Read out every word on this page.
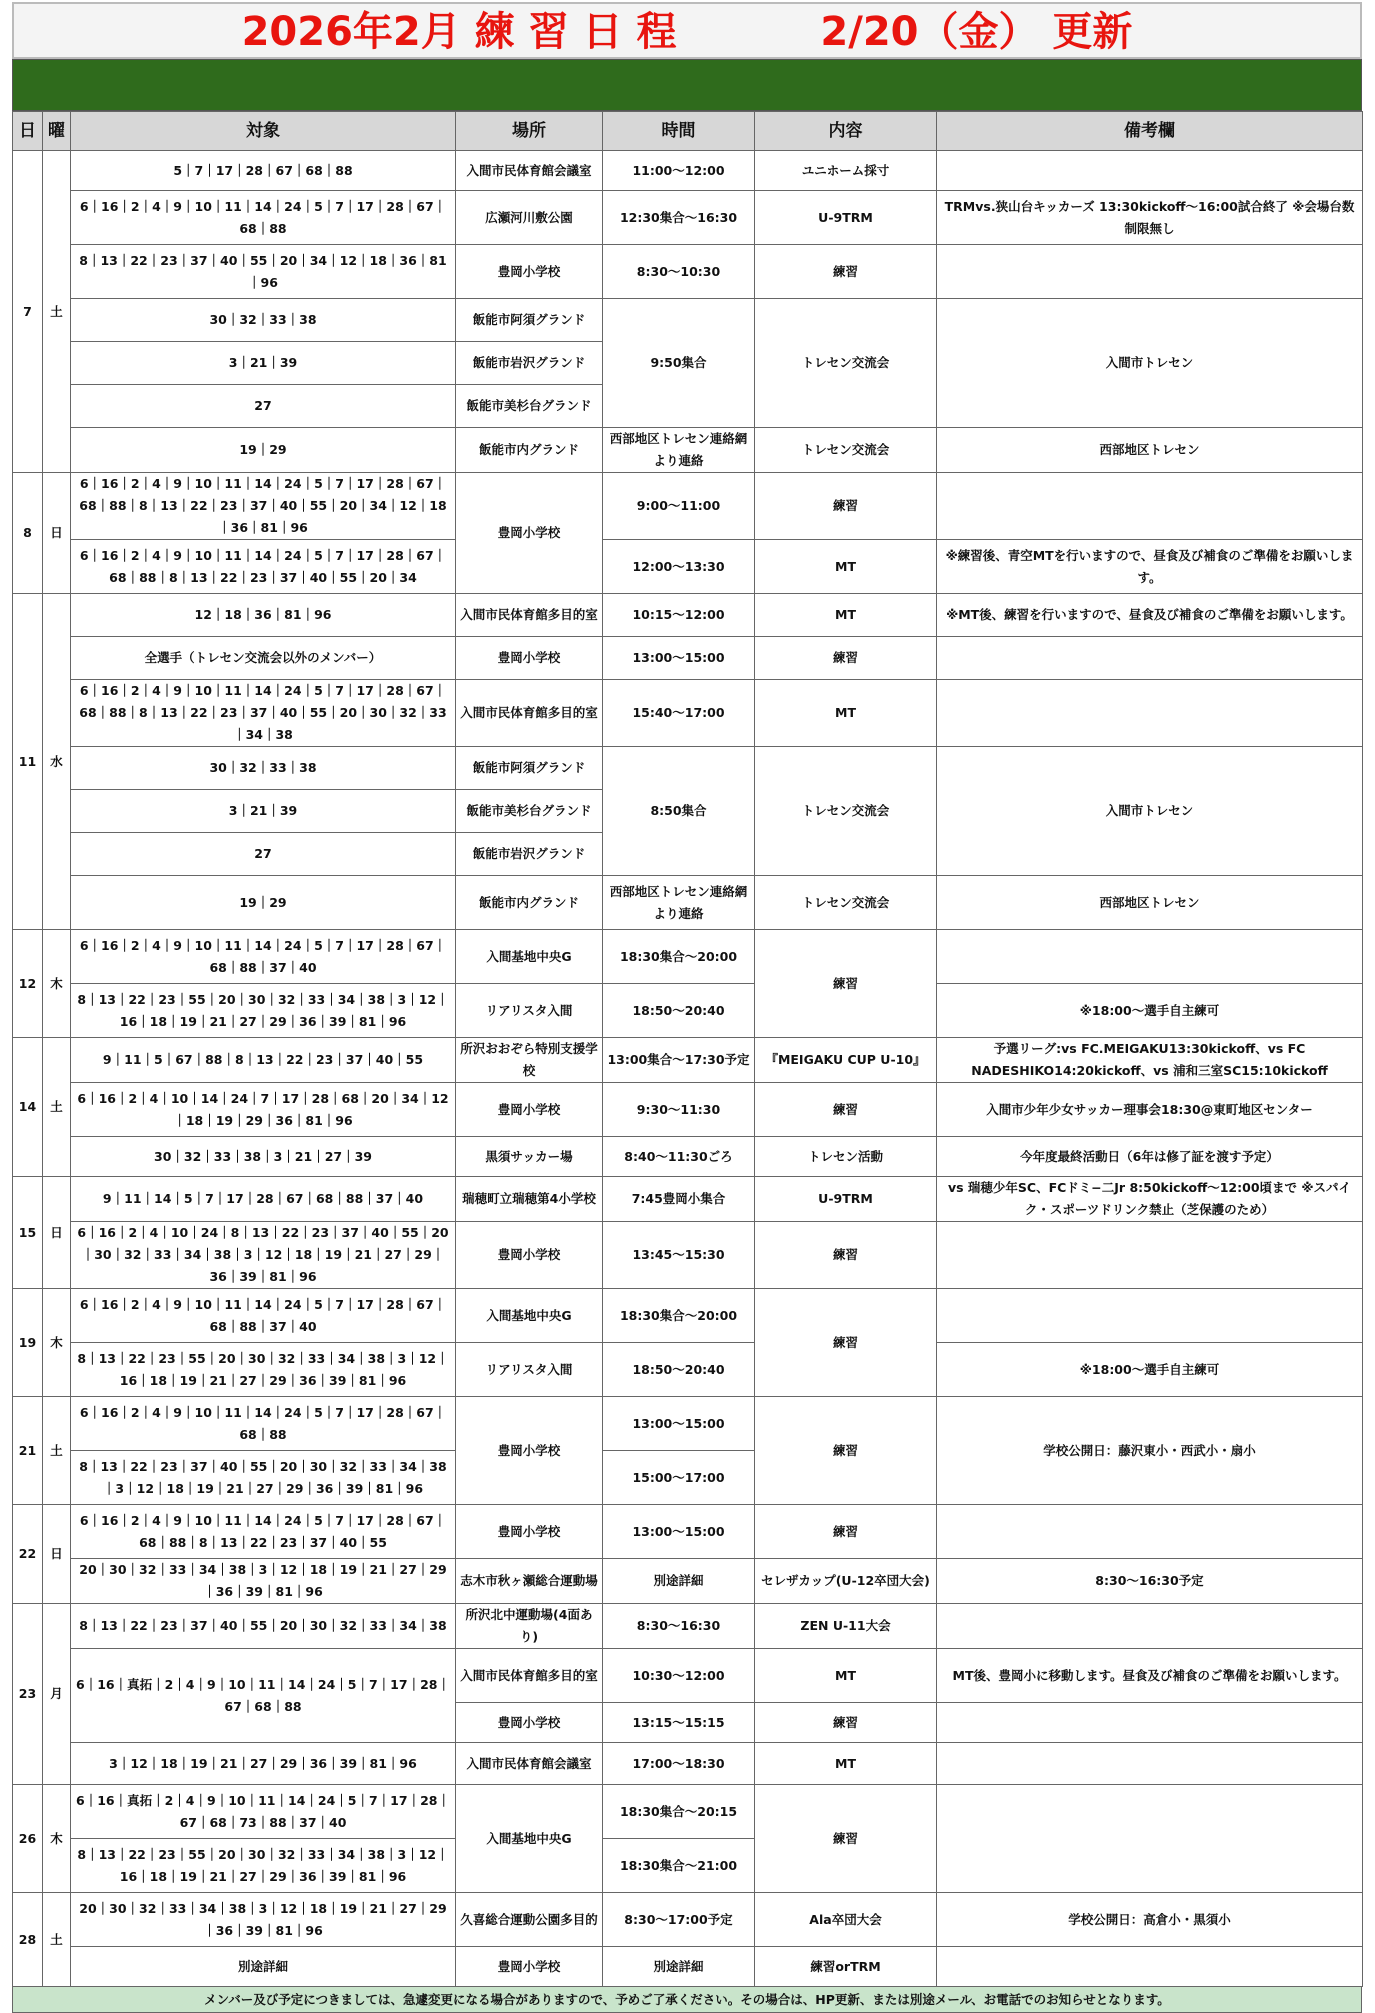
2026年2月 練 習 日 程	2/20（金） 更新
日	曜	対象	場所	時間	内容	備考欄
7	土	5｜7｜17｜28｜67｜68｜88	入間市民体育館会議室	11:00〜12:00	ユニホーム採寸	
		6｜16｜2｜4｜9｜10｜11｜14｜24｜5｜7｜17｜28｜67｜68｜88	広瀬河川敷公園	12:30集合〜16:30	U-9TRM	TRMvs.狭山台キッカーズ 13:30kickoff〜16:00試合終了 ※会場台数制限無し
		8｜13｜22｜23｜37｜40｜55｜20｜34｜12｜18｜36｜81｜96	豊岡小学校	8:30〜10:30	練習	
		30｜32｜33｜38	飯能市阿須グランド	9:50集合	トレセン交流会	入間市トレセン
		3｜21｜39	飯能市岩沢グランド			
		27	飯能市美杉台グランド			
		19｜29	飯能市内グランド	西部地区トレセン連絡網より連絡	トレセン交流会	西部地区トレセン
8	日	6｜16｜2｜4｜9｜10｜11｜14｜24｜5｜7｜17｜28｜67｜68｜88｜8｜13｜22｜23｜37｜40｜55｜20｜34｜12｜18｜36｜81｜96	豊岡小学校	9:00〜11:00	練習	
		6｜16｜2｜4｜9｜10｜11｜14｜24｜5｜7｜17｜28｜67｜68｜88｜8｜13｜22｜23｜37｜40｜55｜20｜34		12:00〜13:30	MT	※練習後、青空MTを行いますので、昼食及び補食のご準備をお願いします。
11	水	12｜18｜36｜81｜96	入間市民体育館多目的室	10:15〜12:00	MT	※MT後、練習を行いますので、昼食及び補食のご準備をお願いします。
		全選手（トレセン交流会以外のメンバー）	豊岡小学校	13:00〜15:00	練習	
		6｜16｜2｜4｜9｜10｜11｜14｜24｜5｜7｜17｜28｜67｜68｜88｜8｜13｜22｜23｜37｜40｜55｜20｜30｜32｜33｜34｜38	入間市民体育館多目的室	15:40〜17:00	MT	
		30｜32｜33｜38	飯能市阿須グランド	8:50集合	トレセン交流会	入間市トレセン
		3｜21｜39	飯能市美杉台グランド			
		27	飯能市岩沢グランド			
		19｜29	飯能市内グランド	西部地区トレセン連絡網より連絡	トレセン交流会	西部地区トレセン
12	木	6｜16｜2｜4｜9｜10｜11｜14｜24｜5｜7｜17｜28｜67｜68｜88｜37｜40	入間基地中央G	18:30集合〜20:00	練習	
		8｜13｜22｜23｜55｜20｜30｜32｜33｜34｜38｜3｜12｜16｜18｜19｜21｜27｜29｜36｜39｜81｜96	リアリスタ入間	18:50〜20:40		※18:00〜選手自主練可
14	土	9｜11｜5｜67｜88｜8｜13｜22｜23｜37｜40｜55	所沢おおぞら特別支援学校	13:00集合〜17:30予定	『MEIGAKU CUP U-10』	予選リーグ:vs FC.MEIGAKU13:30kickoff、vs FC NADESHIKO14:20kickoff、vs 浦和三室SC15:10kickoff
		6｜16｜2｜4｜10｜14｜24｜7｜17｜28｜68｜20｜34｜12｜18｜19｜29｜36｜81｜96	豊岡小学校	9:30〜11:30	練習	入間市少年少女サッカー理事会18:30@東町地区センター
		30｜32｜33｜38｜3｜21｜27｜39	黒須サッカー場	8:40〜11:30ごろ	トレセン活動	今年度最終活動日（6年は修了証を渡す予定）
15	日	9｜11｜14｜5｜7｜17｜28｜67｜68｜88｜37｜40	瑞穂町立瑞穂第4小学校	7:45豊岡小集合	U-9TRM	vs 瑞穂少年SC、FCドミ−二Jr 8:50kickoff〜12:00頃まで ※スパイク・スポーツドリンク禁止（芝保護のため）
		6｜16｜2｜4｜10｜24｜8｜13｜22｜23｜37｜40｜55｜20｜30｜32｜33｜34｜38｜3｜12｜18｜19｜21｜27｜29｜36｜39｜81｜96	豊岡小学校	13:45〜15:30	練習	
19	木	6｜16｜2｜4｜9｜10｜11｜14｜24｜5｜7｜17｜28｜67｜68｜88｜37｜40	入間基地中央G	18:30集合〜20:00	練習	
		8｜13｜22｜23｜55｜20｜30｜32｜33｜34｜38｜3｜12｜16｜18｜19｜21｜27｜29｜36｜39｜81｜96	リアリスタ入間	18:50〜20:40		※18:00〜選手自主練可
21	土	6｜16｜2｜4｜9｜10｜11｜14｜24｜5｜7｜17｜28｜67｜68｜88	豊岡小学校	13:00〜15:00	練習	学校公開日：藤沢東小・西武小・扇小
		8｜13｜22｜23｜37｜40｜55｜20｜30｜32｜33｜34｜38｜3｜12｜18｜19｜21｜27｜29｜36｜39｜81｜96		15:00〜17:00		
22	日	6｜16｜2｜4｜9｜10｜11｜14｜24｜5｜7｜17｜28｜67｜68｜88｜8｜13｜22｜23｜37｜40｜55	豊岡小学校	13:00〜15:00	練習	
		20｜30｜32｜33｜34｜38｜3｜12｜18｜19｜21｜27｜29｜36｜39｜81｜96	志木市秋ヶ瀬総合運動場	別途詳細	セレザカップ(U-12卒団大会)	8:30〜16:30予定
23	月	8｜13｜22｜23｜37｜40｜55｜20｜30｜32｜33｜34｜38	所沢北中運動場(4面あり)	8:30〜16:30	ZEN U-11大会	
		6｜16｜真拓｜2｜4｜9｜10｜11｜14｜24｜5｜7｜17｜28｜67｜68｜88	入間市民体育館多目的室	10:30〜12:00	MT	MT後、豊岡小に移動します。昼食及び補食のご準備をお願いします。
			豊岡小学校	13:15〜15:15	練習	
		3｜12｜18｜19｜21｜27｜29｜36｜39｜81｜96	入間市民体育館会議室	17:00〜18:30	MT	
26	木	6｜16｜真拓｜2｜4｜9｜10｜11｜14｜24｜5｜7｜17｜28｜67｜68｜73｜88｜37｜40	入間基地中央G	18:30集合〜20:15	練習	
		8｜13｜22｜23｜55｜20｜30｜32｜33｜34｜38｜3｜12｜16｜18｜19｜21｜27｜29｜36｜39｜81｜96		18:30集合〜21:00		
28	土	20｜30｜32｜33｜34｜38｜3｜12｜18｜19｜21｜27｜29｜36｜39｜81｜96	久喜総合運動公園多目的	8:30〜17:00予定	Ala卒団大会	学校公開日：高倉小・黒須小
		別途詳細	豊岡小学校	別途詳細	練習orTRM	
メンバー及び予定につきましては、急遽変更になる場合がありますので、予めご了承ください。その場合は、HP更新、または別途メール、お電話でのお知らせとなります。
